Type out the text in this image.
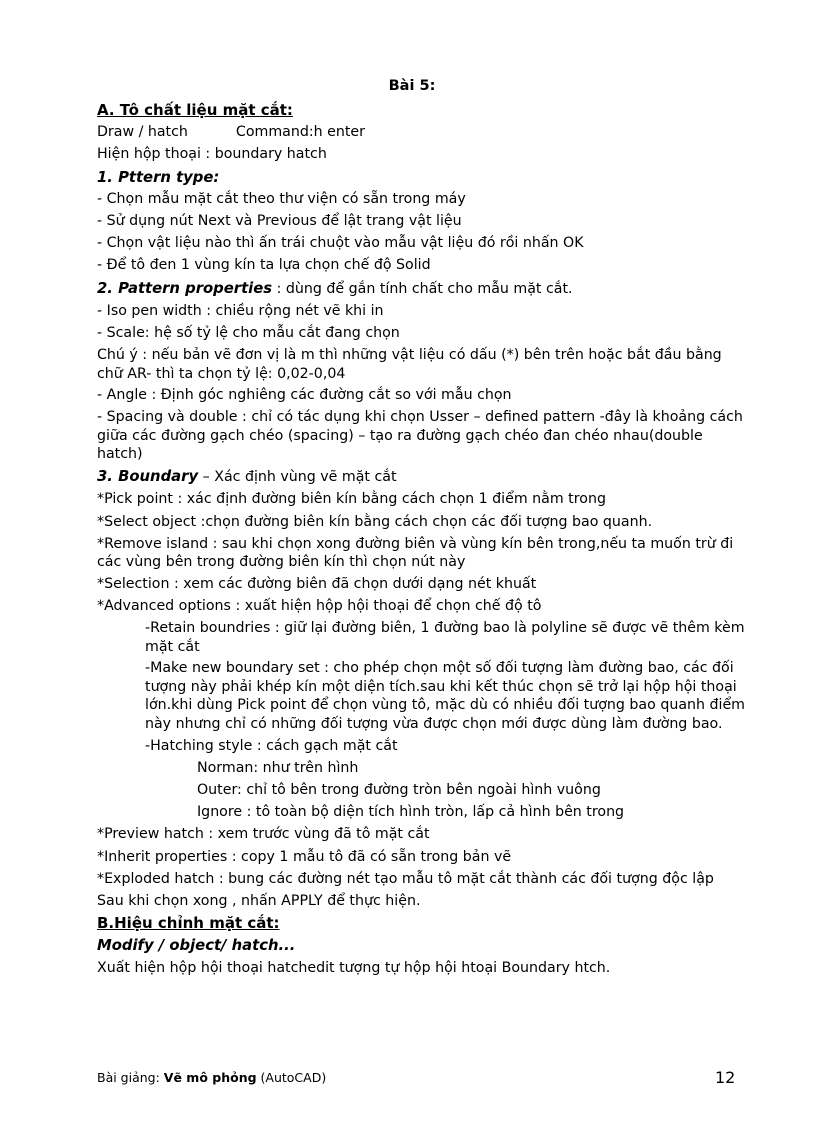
Bài 5:

A. Tô chất liệu mặt cắt:

Draw / hatch	Command:h enter

Hiện hộp thoại : boundary hatch

1. Pttern type:

- Chọn mẫu mặt cắt theo thư viện có sẵn trong máy

- Sử dụng nút Next và Previous để lật trang vật liệu

- Chọn vật liệu nào thì ấn trái chuột vào mẫu vật liệu đó rồi nhấn OK

- Để tô đen 1 vùng kín ta lựa chọn chế độ Solid

2. Pattern properties : dùng để gắn tính chất cho mẫu mặt cắt.

- Iso pen width : chiều rộng nét vẽ khi in

- Scale: hệ số tỷ lệ cho mẫu cắt đang chọn

Chú ý : nếu bản vẽ đơn vị là m thì những vật liệu có dấu (*) bên trên hoặc bắt đầu bằng chữ AR- thì ta chọn tỷ lệ: 0,02-0,04

- Angle : Định góc nghiêng các đường cắt so với mẫu chọn

- Spacing và double : chỉ có tác dụng khi chọn Usser – defined pattern -đây là khoảng cách giữa các đường gạch chéo (spacing) – tạo ra đường gạch chéo đan chéo nhau(double hatch)

3. Boundary – Xác định vùng vẽ mặt cắt

*Pick point : xác định đường biên kín bằng cách chọn 1 điểm nằm trong

*Select object :chọn đường biên kín bằng cách chọn các đối tượng bao quanh.

*Remove island : sau khi chọn xong đường biên và vùng kín bên trong,nếu ta muốn trừ đi các vùng bên trong đường biên kín thì chọn nút này

*Selection : xem các đường biên đã chọn dưới dạng nét khuất

*Advanced options : xuất hiện hộp hội thoại để chọn chế độ tô

-Retain boundries : giữ lại đường biên, 1 đường bao là polyline sẽ được vẽ thêm kèm mặt cắt

-Make new boundary set : cho phép chọn một số đối tượng làm đường bao, các đối tượng này phải khép kín một diện tích.sau khi kết thúc chọn sẽ trở lại hộp hội thoại lớn.khi dùng Pick point để chọn vùng tô, mặc dù có nhiều đối tượng bao quanh điểm này nhưng chỉ có những đối tượng vừa được chọn mới được dùng làm đường bao.

-Hatching style : cách gạch mặt cắt

Norman: như trên hình

Outer: chỉ tô bên trong đường tròn bên ngoài hình vuông

Ignore : tô toàn bộ diện tích hình tròn, lấp cả hình bên trong

*Preview hatch : xem trước vùng đã tô mặt cắt

*Inherit properties : copy 1 mẫu tô đã có sẵn trong bản vẽ

*Exploded hatch : bung các đường nét tạo mẫu tô mặt cắt thành các đối tượng độc lập

Sau khi chọn xong , nhấn APPLY để thực hiện.

B.Hiệu chỉnh mặt cắt:

Modify / object/ hatch...

Xuất hiện hộp hội thoại hatchedit tượng tự hộp hội htoại Boundary htch.

Bài giảng: Vẽ mô phỏng (AutoCAD)	12
